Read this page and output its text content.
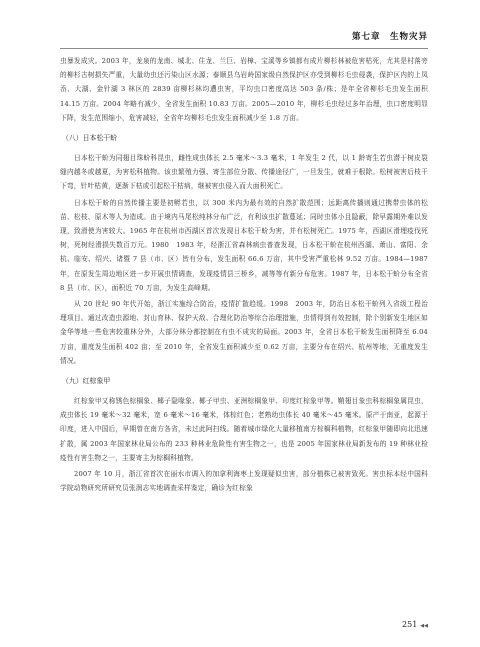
第七章　生物灾异

虫暴发成灾。2003 年，龙泉的龙南、城北、住龙、兰巨、岩樟、宝溪等乡镇都有成片柳杉林被危害枯死，尤其是村落旁的柳杉古树损失严重，大量幼虫还污染山区水源；泰顺县乌岩岭国家级自然保护区亦受到柳杉毛虫侵袭，保护区内的上凤岙、大湖、金针湖 3 林区的 2839 亩柳杉林均遭虫害，平均虫口密度高达 503 条/株；是年全省柳杉毛虫发生面积 14.15 万亩。2004 年略有减少，全省发生面积 10.83 万亩。2005—2010 年，柳杉毛虫经过多年治理，虫口密度明显下降，发生范围缩小，危害减轻，全省年均柳杉毛虫发生面积减少至 1.8 万亩。

（八）日本松干蚧

日本松干蚧为同翅目珠蚧科昆虫，雌性成虫体长 2.5 毫米～3.3 毫米，1 年发生 2 代，以 1 龄寄生若虫潜于树皮裂缝内越冬或越夏，为害松科植物。该虫繁殖力强、寄生部位分散、传播途径广，一旦发生，就难于根除。松树被害后枝干下弯，针叶枯黄，逐渐下枯或引起松干枯病，继被害虫侵入而大面积死亡。

日本松干蚧的自然传播主要是初孵若虫，以 300 米内为最有效的自然扩散范围；远距离传播则通过携带虫体的松苗、松枝、原木等人为造成。由于境内马尾松纯林分布广泛，有利该虫扩散蔓延；同时虫体小且隐蔽，除早露期外难以发现，致滑使为害较大。1965 年在杭州市西湖区首次发现日本松干蚧为害，并有松树死亡。1975 年，西湖区滑埋疫伐死树，死树经滑损失数百万元。1980　1983 年，经浙江省森林病虫普查发现，日本松干蚧在杭州西湖、萧山、富阳、余杭、临安、绍兴、诸暨 7 县（市、区）皆有分布，发生面积 66.6 万亩，其中受害严重松林 9.52 万亩。1984—1987 年，在原发生周边地区进一步开展虫情调查，发现疫情县三桥乡，减等等有新分布危害。1987 年，日本松干蚧分布全省 8 县（市、区），面积近 70 万亩，为发生高峰期。

从 20 世纪 90 年代开始，浙江实施综合防治，疫情扩散趋缓。1998　2003 年，防治日本松干蚧列入省级工程治理项目。通过改造虫源地、封山育林、保护天敌、合理化防治等综合治理措施，虫情得到有效控制，除个别新发生地区如金华等地一些危害较重林分外，大部分林分都控制在有虫不成灾的局面。2003 年，全省日本松干蚧发生面积降至 6.04 万亩，重度发生面积 402 亩；至 2010 年，全省发生面积减少至 0.62 万亩，主要分布在绍兴、杭州等地，无重度发生情况。

（九）红棕象甲

红棕象甲又称锈色棕榈象、椰子隐喙象、椰子甲虫、亚洲棕榈象甲、印度红棕象甲等。鞘翅目象虫科棕榈象属昆虫，成虫体长 19 毫米～32 毫米，宽 6 毫米～16 毫米，体棕红色；老熟幼虫体长 40 毫米～45 毫米。原产于南亚，起源于印度，进入中国后，早期曾在南方各省，未过此阿扫线。随着城市绿化大量移植南方棕榈科植物，红棕象甲随即向北迅速扩散，属 2003 年国家林业局公布的 233 种林业危险性有害生物之一，也是 2005 年国家林业局新发布的 19 种林业检疫性有害生物之一，主要寄主为棕榈科植物。

2007 年 10 月，浙江省首次在丽水市调入的加拿利海枣上发现疑似虫害，部分植株已被害致死。害虫标本经中国科学院动物研究所研究员张润志实地调查采样鉴定，确诊为红棕象

251 ◀◀
